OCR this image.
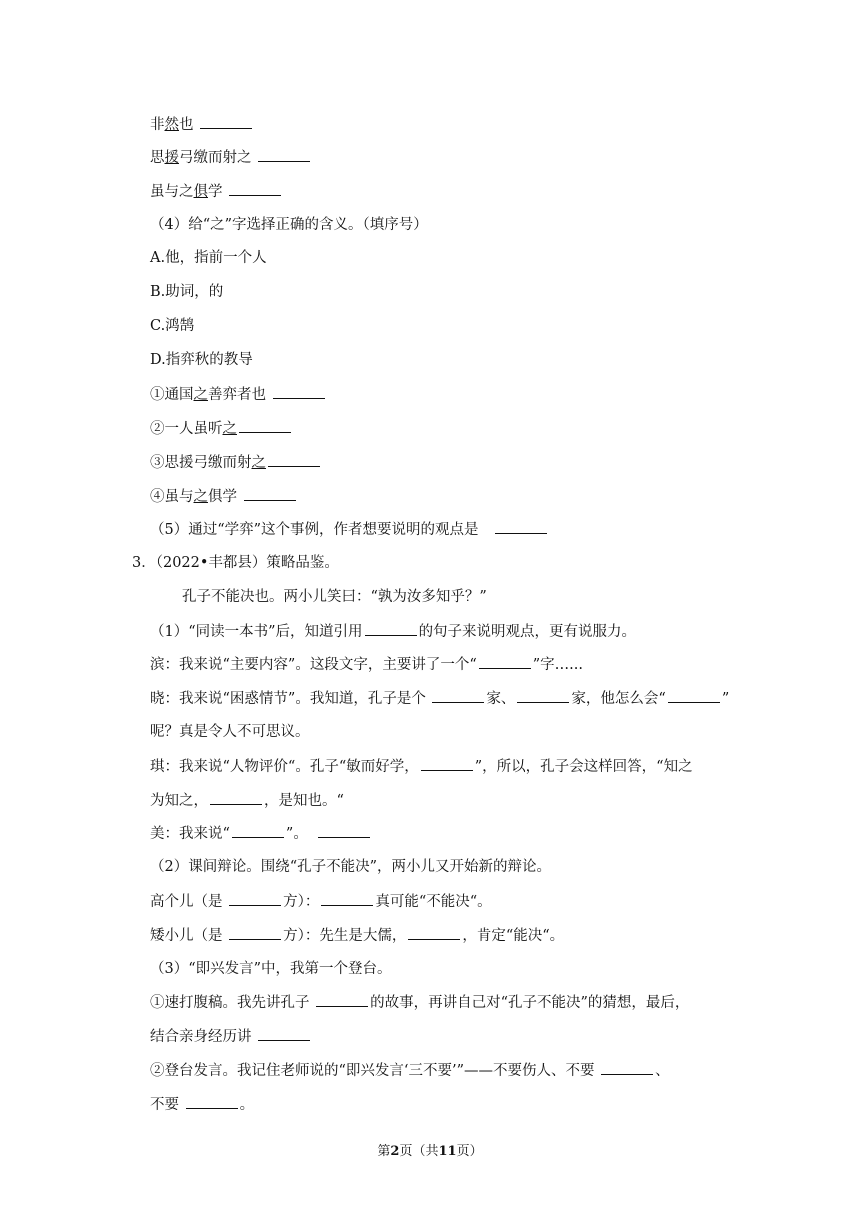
非然也
思援弓缴而射之
虽与之俱学
（4）给“之”字选择正确的含义。（填序号）
A.他，指前一个人
B.助词，的
C.鸿鹄
D.指弈秋的教导
①通国之善弈者也
②一人虽听之
③思援弓缴而射之
④虽与之俱学
（5）通过“学弈”这个事例，作者想要说明的观点是
3．（2022•丰都县）策略品鉴。
孔子不能决也。两小儿笑曰：“孰为汝多知乎？”
（1）“同读一本书”后，知道引用	的句子来说明观点，更有说服力。
滨：我来说“主要内容”。这段文字，主要讲了一个“	”字…...
晓：我来说“困惑情节”。我知道，孔子是个	家、	家，他怎么会“	”
呢？真是令人不可思议。
琪：我来说“人物评价“。孔子“敏而好学，	”，所以，孔子会这样回答，“知之
为知之，	，是知也。“
美：我来说“	”。
（2）课间辩论。围绕“孔子不能决”，两小儿又开始新的辩论。
高个儿（是	方）：	真可能“不能决“。
矮小儿（是	方）：先生是大儒，	，肯定“能决“。
（3）“即兴发言”中，我第一个登台。
①速打腹稿。我先讲孔子	的故事，再讲自己对“孔子不能决”的猜想，最后，
结合亲身经历讲
②登台发言。我记住老师说的“即兴发言‘三不要’”——不要伤人、不要	、
不要	。
第2页（共11页）
